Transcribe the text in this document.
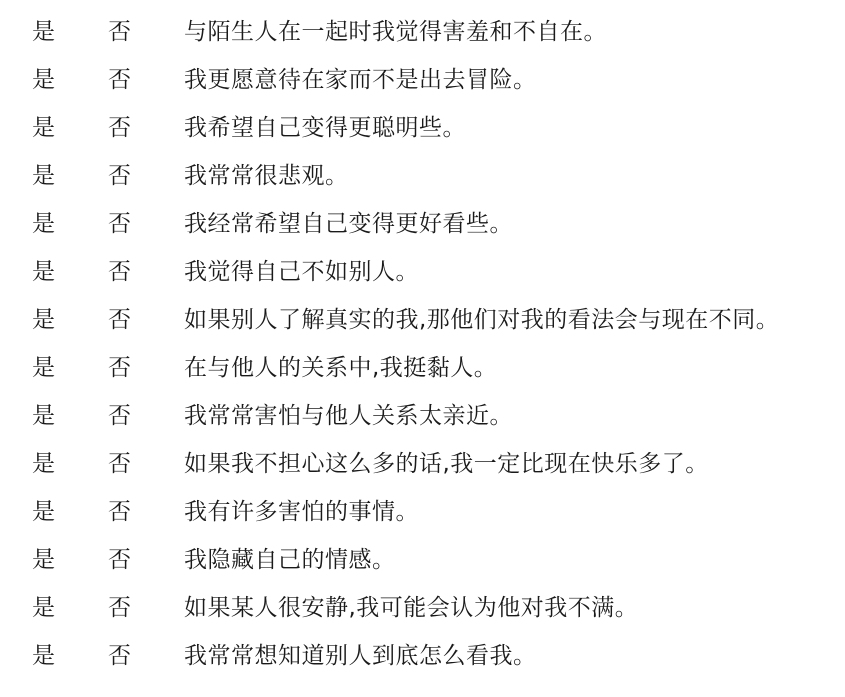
是 否 与陌生人在一起时我觉得害羞和不自在。
是 否 我更愿意待在家而不是出去冒险。
是 否 我希望自己变得更聪明些。
是 否 我常常很悲观。
是 否 我经常希望自己变得更好看些。
是 否 我觉得自己不如别人。
是 否 如果别人了解真实的我,那他们对我的看法会与现在不同。
是 否 在与他人的关系中,我挺黏人。
是 否 我常常害怕与他人关系太亲近。
是 否 如果我不担心这么多的话,我一定比现在快乐多了。
是 否 我有许多害怕的事情。
是 否 我隐藏自己的情感。
是 否 如果某人很安静,我可能会认为他对我不满。
是 否 我常常想知道别人到底怎么看我。
